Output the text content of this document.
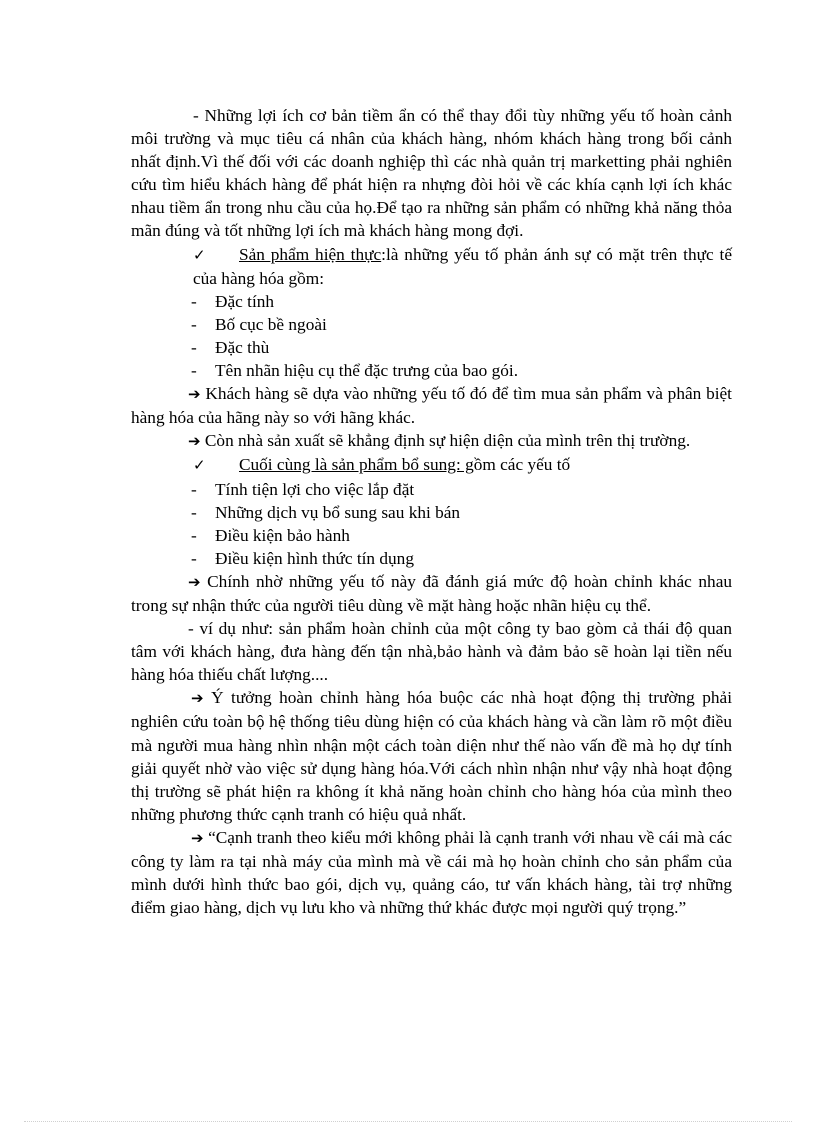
- Những lợi ích cơ bản tiềm ẩn có thể thay đổi tùy những yếu tố hoàn cảnh môi trường và mục tiêu cá nhân của khách hàng, nhóm khách hàng trong bối cảnh nhất định.Vì thế đối với các doanh nghiệp thì các nhà quản trị marketting phải nghiên cứu tìm hiểu khách hàng để phát hiện ra nhựng đòi hỏi về các khía cạnh lợi ích khác nhau tiềm ẩn trong nhu cầu của họ.Để tạo ra những sản phẩm có những khả năng thỏa mãn đúng và tốt những lợi ích mà khách hàng mong đợi.

✓ Sản phẩm hiện thực:là những yếu tố phản ánh sự có mặt trên thực tế của hàng hóa gồm:

- Đặc tính
- Bố cục bề ngoài
- Đặc thù
- Tên nhãn hiệu cụ thể đặc trưng của bao gói.

➔ Khách hàng sẽ dựa vào những yếu tố đó để tìm mua sản phẩm và phân biệt hàng hóa của hãng này so với hãng khác.

➔ Còn nhà sản xuất sẽ khẳng định sự hiện diện của mình trên thị trường.

✓ Cuối cùng là sản phẩm bổ sung: gồm các yếu tố

- Tính tiện lợi cho việc lắp đặt
- Những dịch vụ bổ sung sau khi bán
- Điều kiện bảo hành
- Điều kiện hình thức tín dụng

➔ Chính nhờ những yếu tố này đã đánh giá mức độ hoàn chỉnh khác nhau trong sự nhận thức của người tiêu dùng về mặt hàng hoặc nhãn hiệu cụ thể.

- ví dụ như: sản phẩm hoàn chỉnh của một công ty bao gòm cả thái độ quan tâm với khách hàng, đưa hàng đến tận nhà,bảo hành và đảm bảo sẽ hoàn lại tiền nếu hàng hóa thiếu chất lượng....

➔ Ý tưởng hoàn chỉnh hàng hóa buộc các nhà hoạt động thị trường phải nghiên cứu toàn bộ hệ thống tiêu dùng hiện có của khách hàng và cần làm rõ một điều mà người mua hàng nhìn nhận một cách toàn diện như thế nào vấn đề mà họ dự tính giải quyết nhờ vào việc sử dụng hàng hóa.Với cách nhìn nhận như vậy nhà hoạt động thị trường sẽ phát hiện ra không ít khả năng hoàn chỉnh cho hàng hóa của mình theo những phương thức cạnh tranh có hiệu quả nhất.

➔ “Cạnh tranh theo kiểu mới không phải là cạnh tranh với nhau về cái mà các công ty làm ra tại nhà máy của mình mà về cái mà họ hoàn chỉnh cho sản phẩm của mình dưới hình thức bao gói, dịch vụ, quảng cáo, tư vấn khách hàng, tài trợ những điểm giao hàng, dịch vụ lưu kho và những thứ khác được mọi người quý trọng.”
